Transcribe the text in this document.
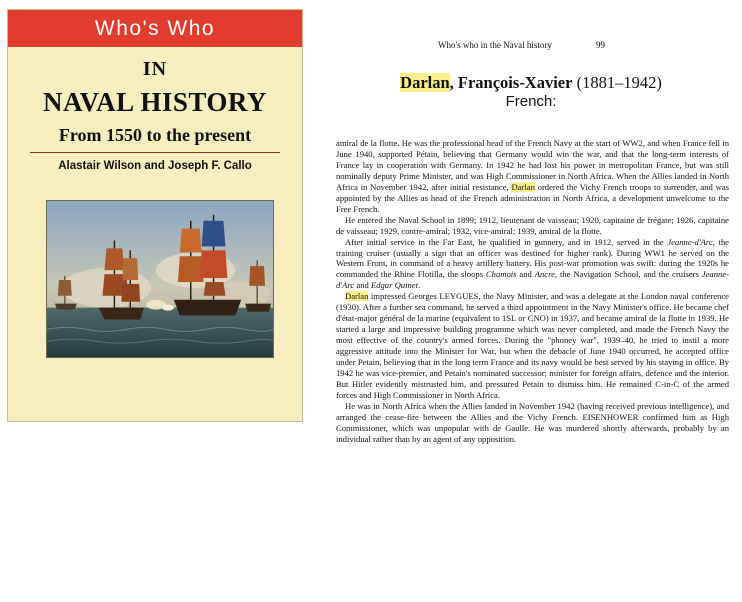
Who's Who
IN
NAVAL HISTORY
From 1550 to the present
Alastair Wilson and Joseph F. Callo
Who's who in the Naval history	99
Darlan, François-Xavier (1881–1942)
French:

amiral de la flotte. He was the professional head of the French Navy at the start of WW2, and when France fell in June 1940, supported Pétain, believing that Germany would win the war, and that the long-term interests of France lay in cooperation with Germany. In 1942 he had lost his power in metropolitan France, but was still nominally deputy Prime Minister, and was High Commissioner in North Africa. When the Allies landed in North Africa in November 1942, after initial resistance, Darlan ordered the Vichy French troops to surrender, and was appointed by the Allies as head of the French administration in North Africa, a development unwelcome to the Free French.

He entered the Naval School in 1899; 1912, lieutenant de vaisseau; 1920, capitaine de frégate; 1926, capitaine de vaisseau; 1929, contre-amiral; 1932, vice-amiral; 1939, amiral de la flotte.

After initial service in the Far East, he qualified in gunnery, and in 1912, served in the Jeanne-d'Arc, the training cruiser (usually a sign that an officer was destined for higher rank). During WW1 he served on the Western Front, in command of a heavy artillery battery. His post-war promotion was swift: during the 1920s he commanded the Rhine Flotilla, the sloops Chamois and Ancre, the Navigation School, and the cruisers Jeanne-d'Arc and Edgar Quinet.

Darlan impressed Georges LEYGUES, the Navy Minister, and was a delegate at the London naval conference (1930). After a further sea command, he served a third appointment in the Navy Minister's office. He became chef d'état-major général de la marine (equivalent to 1SL or CNO) in 1937, and became amiral de la flotte in 1939. He started a large and impressive building programme which was never completed, and made the French Navy the most effective of the country's armed forces. During the "phoney war", 1939–40, he tried to instil a more aggressive attitude into the Minister for War, but when the debacle of June 1940 occurred, he accepted office under Petain, believing that in the long term France and its navy would be best served by his staying in office. By 1942 he was vice-premier, and Petain's nominated successor; minister for foreign affairs, defence and the interior. But Hitler evidently mistrusted him, and pressured Petain to dismiss him. He remained C-in-C of the armed forces and High Commissioner in North Africa.

He was in North Africa when the Allies landed in November 1942 (having received previous intelligence), and arranged the cease-fire between the Allies and the Vichy French. EISENHOWER confirmed him as High Commissioner, which was unpopular with de Gaulle. He was murdered shortly afterwards, probably by an individual rather than by an agent of any opposition.
